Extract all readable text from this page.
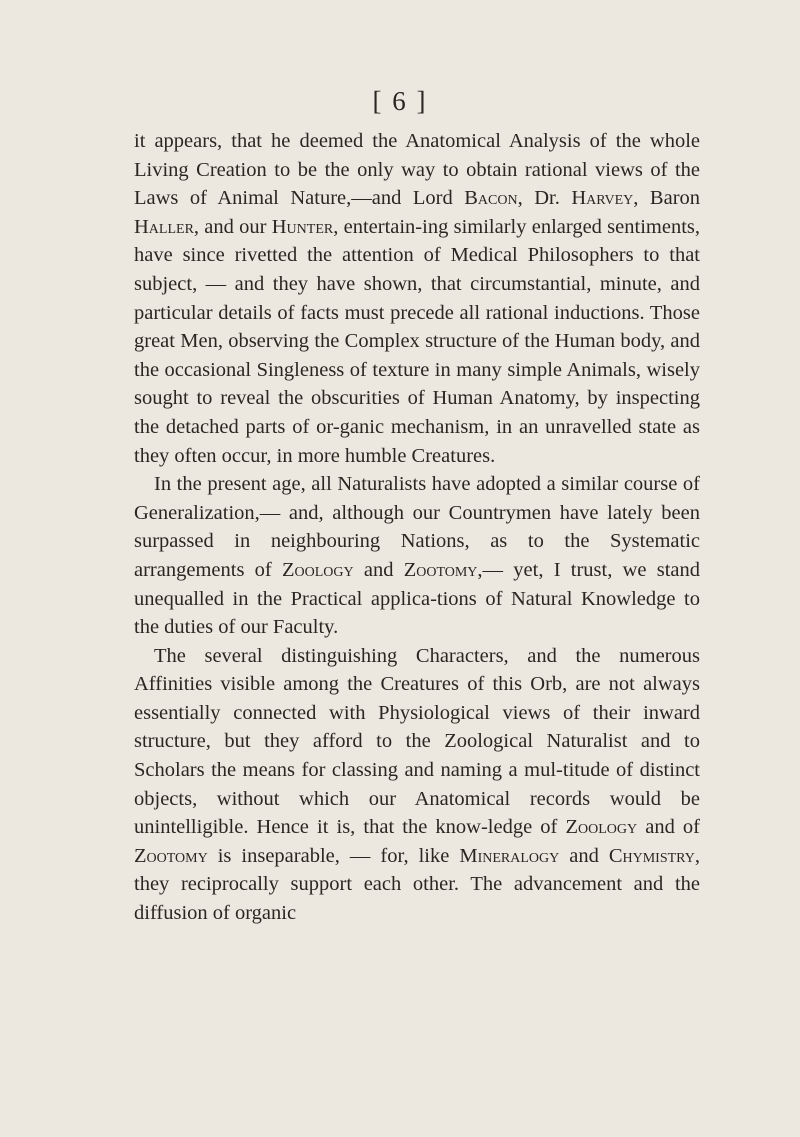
[ 6 ]

it appears, that he deemed the Anatomical Analysis of the whole Living Creation to be the only way to obtain rational views of the Laws of Animal Nature,—and Lord Bacon, Dr. Harvey, Baron Haller, and our Hunter, entertain-ing similarly enlarged sentiments, have since rivetted the attention of Medical Philosophers to that subject, — and they have shown, that circumstantial, minute, and particular details of facts must precede all rational inductions. Those great Men, observing the Complex structure of the Human body, and the occasional Singleness of texture in many simple Animals, wisely sought to reveal the obscurities of Human Anatomy, by inspecting the detached parts of or-ganic mechanism, in an unravelled state as they often occur, in more humble Creatures.

In the present age, all Naturalists have adopted a similar course of Generalization,— and, although our Countrymen have lately been surpassed in neighbouring Nations, as to the Systematic arrangements of Zoology and Zootomy,— yet, I trust, we stand unequalled in the Practical applica-tions of Natural Knowledge to the duties of our Faculty.

The several distinguishing Characters, and the numerous Affinities visible among the Creatures of this Orb, are not always essentially connected with Physiological views of their inward structure, but they afford to the Zoological Naturalist and to Scholars the means for classing and naming a mul-titude of distinct objects, without which our Anatomical records would be unintelligible. Hence it is, that the know-ledge of Zoology and of Zootomy is inseparable, — for, like Mineralogy and Chymistry, they reciprocally support each other. The advancement and the diffusion of organic
